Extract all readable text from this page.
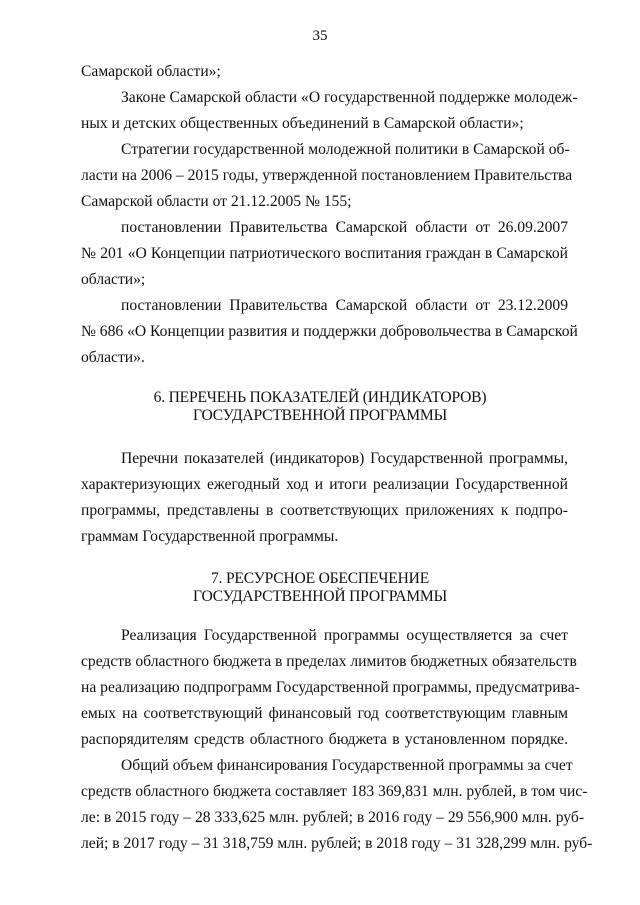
35
Самарской области»;
Законе Самарской области «О государственной поддержке молодеж-
ных и детских общественных объединений в Самарской области»;
Стратегии государственной молодежной политики в Самарской об-
ласти на 2006 – 2015 годы, утвержденной постановлением Правительства
Самарской области от 21.12.2005 № 155;
постановлении Правительства Самарской области от 26.09.2007
№ 201 «О Концепции патриотического воспитания граждан в Самарской
области»;
постановлении Правительства Самарской области от 23.12.2009
№ 686 «О Концепции развития и поддержки добровольчества в Самарской
области».
6. ПЕРЕЧЕНЬ ПОКАЗАТЕЛЕЙ (ИНДИКАТОРОВ)
ГОСУДАРСТВЕННОЙ ПРОГРАММЫ
Перечни показателей (индикаторов) Государственной программы,
характеризующих ежегодный ход и итоги реализации Государственной
программы, представлены в соответствующих приложениях к подпро-
граммам Государственной программы.
7. РЕСУРСНОЕ ОБЕСПЕЧЕНИЕ
ГОСУДАРСТВЕННОЙ ПРОГРАММЫ
Реализация Государственной программы осуществляется за счет
средств областного бюджета в пределах лимитов бюджетных обязательств
на реализацию подпрограмм Государственной программы, предусматрива-
емых на соответствующий финансовый год соответствующим главным
распорядителям средств областного бюджета в установленном порядке.
Общий объем финансирования Государственной программы за счет
средств областного бюджета составляет 183 369,831 млн. рублей, в том чис-
ле: в 2015 году – 28 333,625 млн. рублей; в 2016 году – 29 556,900 млн. руб-
лей; в 2017 году – 31 318,759 млн. рублей; в 2018 году – 31 328,299 млн. руб-
